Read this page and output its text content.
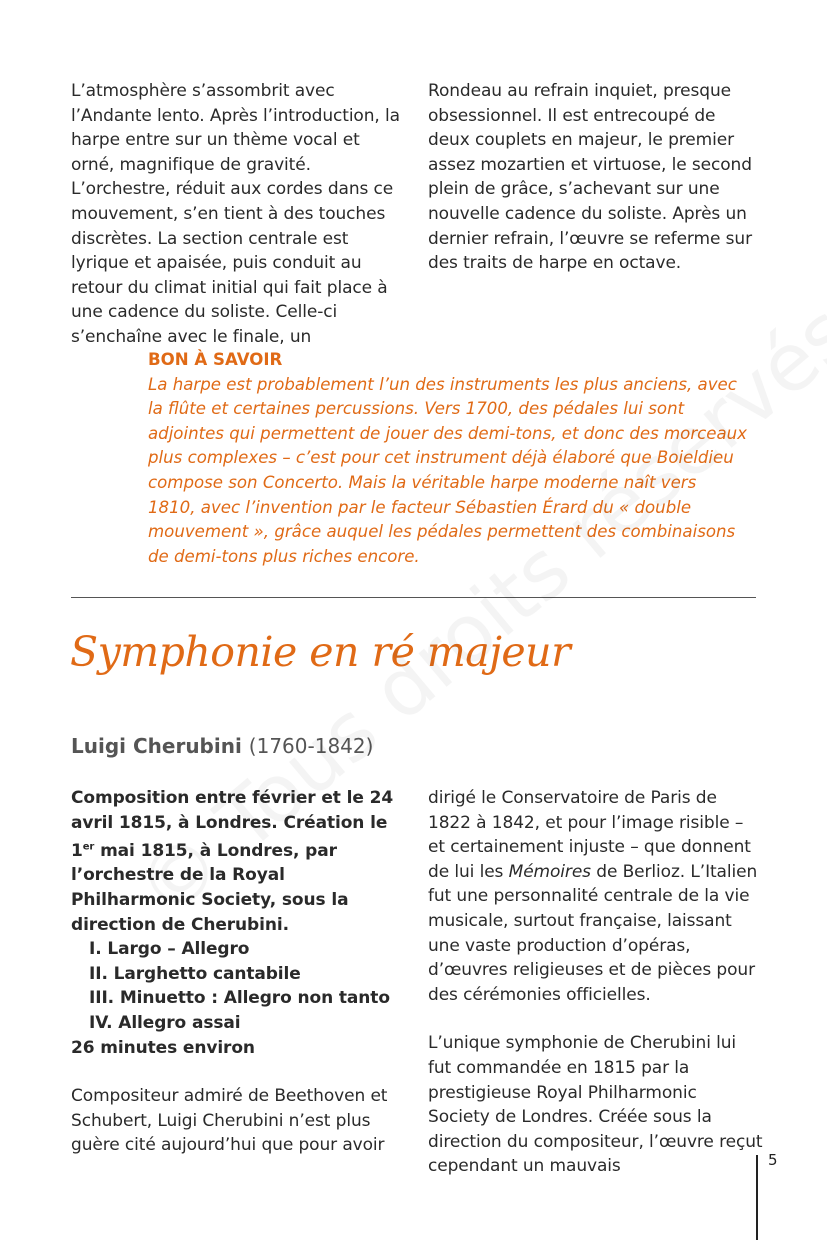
L’atmosphère s’assombrit avec l’Andante lento. Après l’introduction, la harpe entre sur un thème vocal et orné, magnifique de gravité. L’orchestre, réduit aux cordes dans ce mouvement, s’en tient à des touches discrètes. La section centrale est lyrique et apaisée, puis conduit au retour du climat initial qui fait place à une cadence du soliste. Celle-ci s’enchaîne avec le finale, un

Rondeau au refrain inquiet, presque obsessionnel. Il est entrecoupé de deux couplets en majeur, le premier assez mozartien et virtuose, le second plein de grâce, s’achevant sur une nouvelle cadence du soliste. Après un dernier refrain, l’œuvre se referme sur des traits de harpe en octave.

BON À SAVOIR
La harpe est probablement l’un des instruments les plus anciens, avec la flûte et certaines percussions. Vers 1700, des pédales lui sont adjointes qui permettent de jouer des demi-tons, et donc des morceaux plus complexes – c’est pour cet instrument déjà élaboré que Boieldieu compose son Concerto. Mais la véritable harpe moderne naît vers 1810, avec l’invention par le facteur Sébastien Érard du « double mouvement », grâce auquel les pédales permettent des combinaisons de demi-tons plus riches encore.
Symphonie en ré majeur
Luigi Cherubini (1760-1842)

Composition entre février et le 24 avril 1815, à Londres. Création le 1er mai 1815, à Londres, par l’orchestre de la Royal Philharmonic Society, sous la direction de Cherubini.
I. Largo – Allegro
II. Larghetto cantabile
III. Minuetto : Allegro non tanto
IV. Allegro assai
26 minutes environ

Compositeur admiré de Beethoven et Schubert, Luigi Cherubini n’est plus guère cité aujourd’hui que pour avoir

dirigé le Conservatoire de Paris de 1822 à 1842, et pour l’image risible – et certainement injuste – que donnent de lui les Mémoires de Berlioz. L’Italien fut une personnalité centrale de la vie musicale, surtout française, laissant une vaste production d’opéras, d’œuvres religieuses et de pièces pour des cérémonies officielles.

L’unique symphonie de Cherubini lui fut commandée en 1815 par la prestigieuse Royal Philharmonic Society de Londres. Créée sous la direction du compositeur, l’œuvre reçut cependant un mauvais	5
